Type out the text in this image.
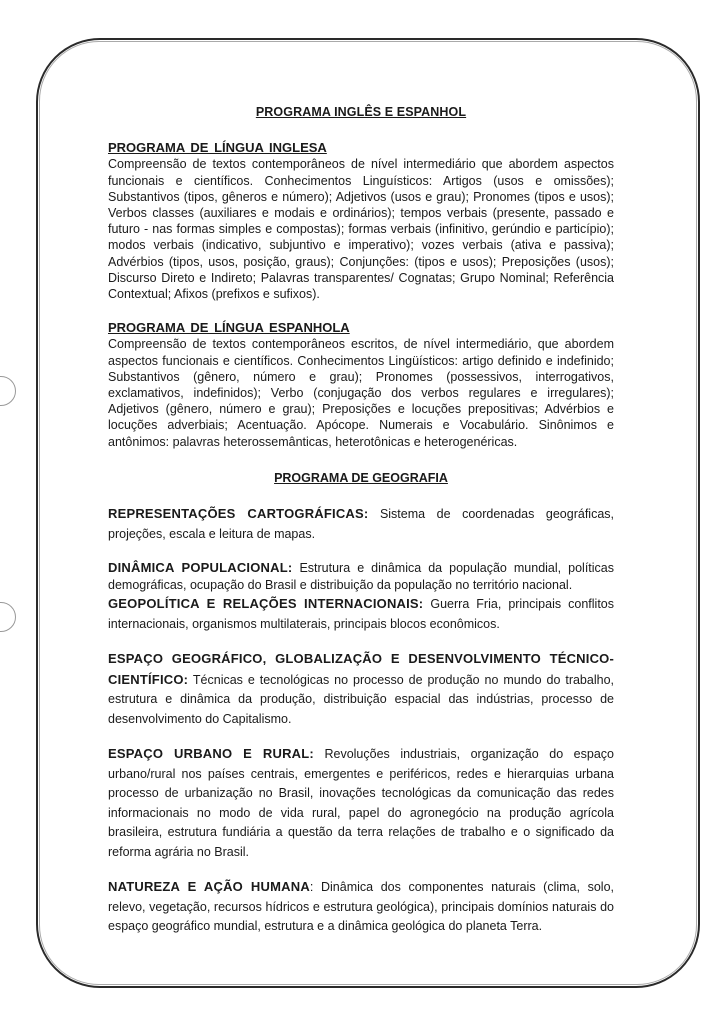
PROGRAMA INGLÊS E ESPANHOL
PROGRAMA DE LÍNGUA INGLESA

Compreensão de textos contemporâneos de nível intermediário que abordem aspectos funcionais e científicos. Conhecimentos Linguísticos: Artigos (usos e omissões); Substantivos (tipos, gêneros e número); Adjetivos (usos e grau); Pronomes (tipos e usos); Verbos classes (auxiliares e modais e ordinários); tempos verbais (presente, passado e futuro - nas formas simples e compostas); formas verbais (infinitivo, gerúndio e particípio); modos verbais (indicativo, subjuntivo e imperativo); vozes verbais (ativa e passiva); Advérbios (tipos, usos, posição, graus); Conjunções: (tipos e usos); Preposições (usos); Discurso Direto e Indireto; Palavras transparentes/ Cognatas; Grupo Nominal; Referência Contextual; Afixos (prefixos e sufixos).

PROGRAMA DE LÍNGUA ESPANHOLA

Compreensão de textos contemporâneos escritos, de nível intermediário, que abordem aspectos funcionais e científicos. Conhecimentos Lingüísticos: artigo definido e indefinido; Substantivos (gênero, número e grau); Pronomes (possessivos, interrogativos, exclamativos, indefinidos); Verbo (conjugação dos verbos regulares e irregulares); Adjetivos (gênero, número e grau); Preposições e locuções prepositivas; Advérbios e locuções adverbiais; Acentuação. Apócope. Numerais e Vocabulário. Sinônimos e antônimos: palavras heterossemânticas, heterotônicas e heterogenéricas.

PROGRAMA DE GEOGRAFIA

REPRESENTAÇÕES CARTOGRÁFICAS: Sistema de coordenadas geográficas, projeções, escala e leitura de mapas.

DINÂMICA POPULACIONAL: Estrutura e dinâmica da população mundial, políticas demográficas, ocupação do Brasil e distribuição da população no território nacional.

GEOPOLÍTICA E RELAÇÕES INTERNACIONAIS: Guerra Fria, principais conflitos internacionais, organismos multilaterais, principais blocos econômicos.

ESPAÇO GEOGRÁFICO, GLOBALIZAÇÃO E DESENVOLVIMENTO TÉCNICO-CIENTÍFICO: Técnicas e tecnológicas no processo de produção no mundo do trabalho, estrutura e dinâmica da produção, distribuição espacial das indústrias, processo de desenvolvimento do Capitalismo.

ESPAÇO URBANO E RURAL: Revoluções industriais, organização do espaço urbano/rural nos países centrais, emergentes e periféricos, redes e hierarquias urbana processo de urbanização no Brasil, inovações tecnológicas da comunicação das redes informacionais no modo de vida rural, papel do agronegócio na produção agrícola brasileira, estrutura fundiária a questão da terra relações de trabalho e o significado da reforma agrária no Brasil.

NATUREZA E AÇÃO HUMANA: Dinâmica dos componentes naturais (clima, solo, relevo, vegetação, recursos hídricos e estrutura geológica), principais domínios naturais do espaço geográfico mundial, estrutura e a dinâmica geológica do planeta Terra.
